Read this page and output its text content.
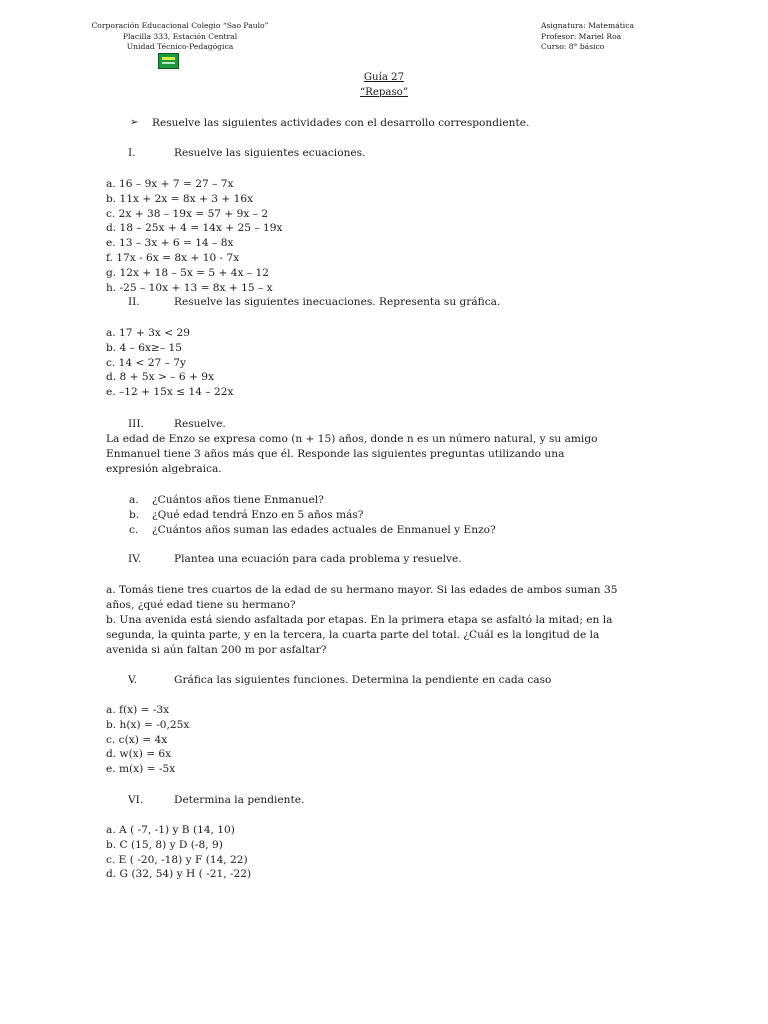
Corporación Educacional Colegio “Sao Paulo”
Placilla 333, Estación Central
Unidad Técnico-Pedagógica
Asignatura: Matemática
Profesor: Mariel Roa
Curso: 8° básico
Guía 27
“Repaso”
➢ Resuelve las siguientes actividades con el desarrollo correspondiente.
I.	Resuelve las siguientes ecuaciones.
a. 16 – 9x + 7 = 27 – 7x
b. 11x + 2x = 8x + 3 + 16x
c. 2x + 38 – 19x = 57 + 9x – 2
d. 18 – 25x + 4 = 14x + 25 – 19x
e. 13 – 3x + 6 = 14 – 8x
f. 17x - 6x = 8x + 10 - 7x
g. 12x + 18 – 5x = 5 + 4x – 12
h. -25 – 10x + 13 = 8x + 15 – x
II.	Resuelve las siguientes inecuaciones. Representa su gráfica.
a. 17 + 3x < 29
b. 4 – 6x≥– 15
c. 14 < 27 – 7y
d. 8 + 5x > – 6 + 9x
e. –12 + 15x ≤ 14 – 22x
III.	Resuelve.
La edad de Enzo se expresa como (n + 15) años, donde n es un número natural, y su amigo
Enmanuel tiene 3 años más que él. Responde las siguientes preguntas utilizando una
expresión algebraica.
a. ¿Cuántos años tiene Enmanuel?
b. ¿Qué edad tendrá Enzo en 5 años más?
c. ¿Cuántos años suman las edades actuales de Enmanuel y Enzo?
IV.	Plantea una ecuación para cada problema y resuelve.
a. Tomás tiene tres cuartos de la edad de su hermano mayor. Si las edades de ambos suman 35
años, ¿qué edad tiene su hermano?
b. Una avenida está siendo asfaltada por etapas. En la primera etapa se asfaltó la mitad; en la
segunda, la quinta parte, y en la tercera, la cuarta parte del total. ¿Cuál es la longitud de la
avenida si aún faltan 200 m por asfaltar?
V.	Gráfica las siguientes funciones. Determina la pendiente en cada caso
a. f(x) = -3x
b. h(x) = -0,25x
c. c(x) = 4x
d. w(x) = 6x
e. m(x) = -5x
VI.	Determina la pendiente.
a. A ( -7, -1) y B (14, 10)
b. C (15, 8) y D (-8, 9)
c. E ( -20, -18) y F (14, 22)
d. G (32, 54) y H ( -21, -22)
